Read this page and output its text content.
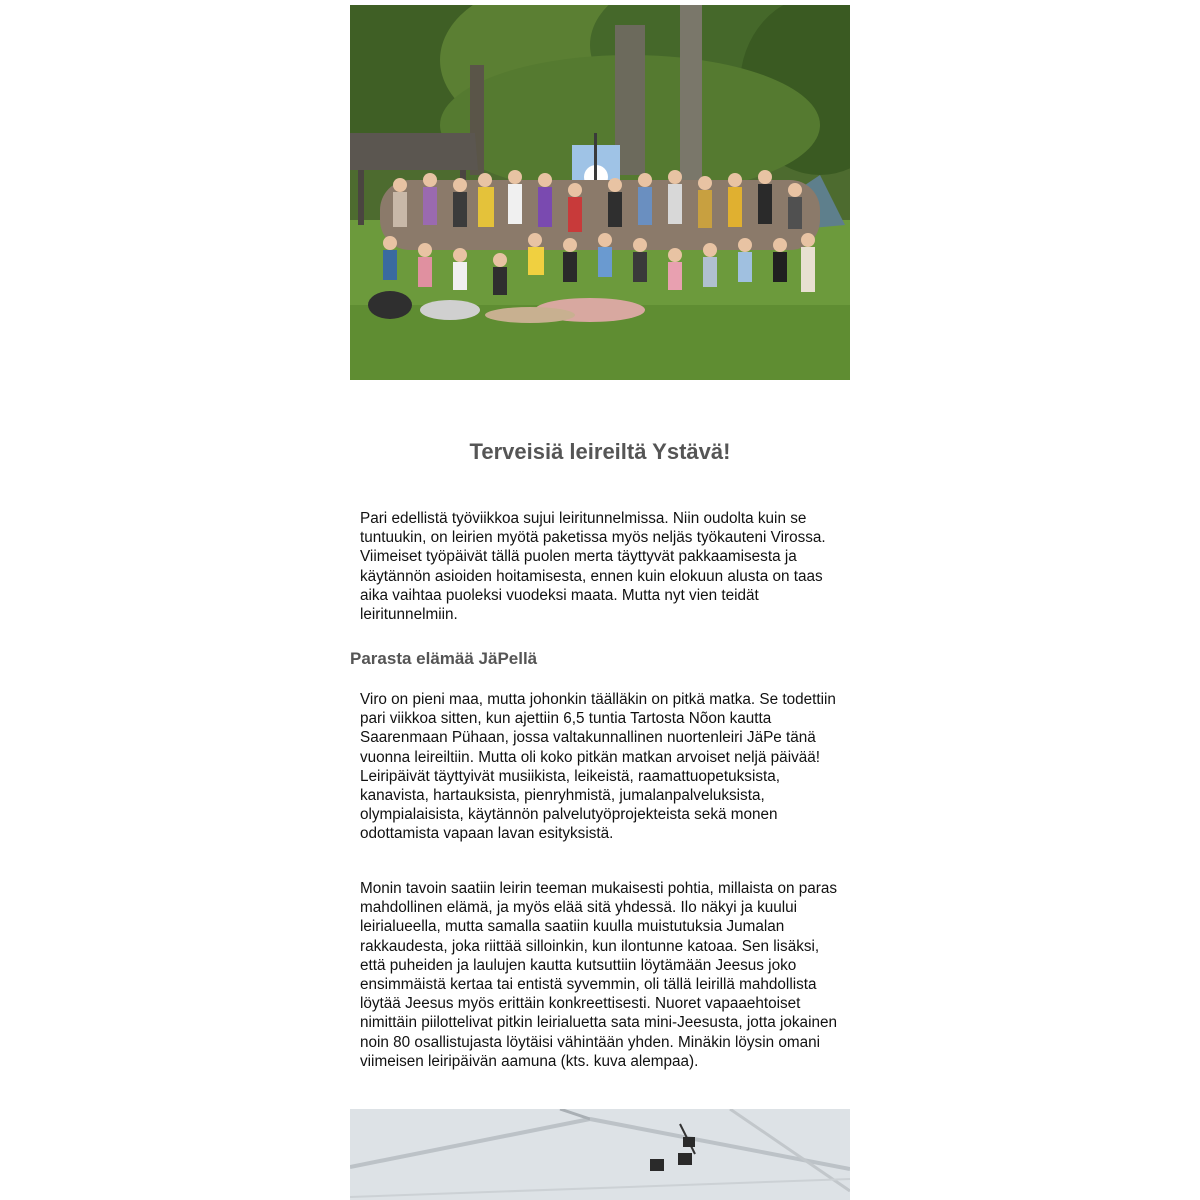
Terveisiä leireiltä Ystävä!

Pari edellistä työviikkoa sujui leiritunnelmissa. Niin oudolta kuin se tuntuukin, on leirien myötä paketissa myös neljäs työkauteni Virossa. Viimeiset työpäivät tällä puolen merta täyttyvät pakkaamisesta ja käytännön asioiden hoitamisesta, ennen kuin elokuun alusta on taas aika vaihtaa puoleksi vuodeksi maata. Mutta nyt vien teidät leiritunnelmiin.

Parasta elämää JäPellä

Viro on pieni maa, mutta johonkin täälläkin on pitkä matka. Se todettiin pari viikkoa sitten, kun ajettiin 6,5 tuntia Tartosta Nõon kautta Saarenmaan Pühaan, jossa valtakunnallinen nuortenleiri JäPe tänä vuonna leireiltiin. Mutta oli koko pitkän matkan arvoiset neljä päivää! Leiripäivät täyttyivät musiikista, leikeistä, raamattuopetuksista, kanavista, hartauksista, pienryhmistä, jumalanpalveluksista, olympialaisista, käytännön palvelutyöprojekteista sekä monen odottamista vapaan lavan esityksistä.

Monin tavoin saatiin leirin teeman mukaisesti pohtia, millaista on paras mahdollinen elämä, ja myös elää sitä yhdessä. Ilo näkyi ja kuului leirialueella, mutta samalla saatiin kuulla muistutuksia Jumalan rakkaudesta, joka riittää silloinkin, kun ilontunne katoaa. Sen lisäksi, että puheiden ja laulujen kautta kutsuttiin löytämään Jeesus joko ensimmäistä kertaa tai entistä syvemmin, oli tällä leirillä mahdollista löytää Jeesus myös erittäin konkreettisesti. Nuoret vapaaehtoiset nimittäin piilottelivat pitkin leirialuetta sata mini-Jeesusta, jotta jokainen noin 80 osallistujasta löytäisi vähintään yhden. Minäkin löysin omani viimeisen leiripäivän aamuna (kts. kuva alempaa).
